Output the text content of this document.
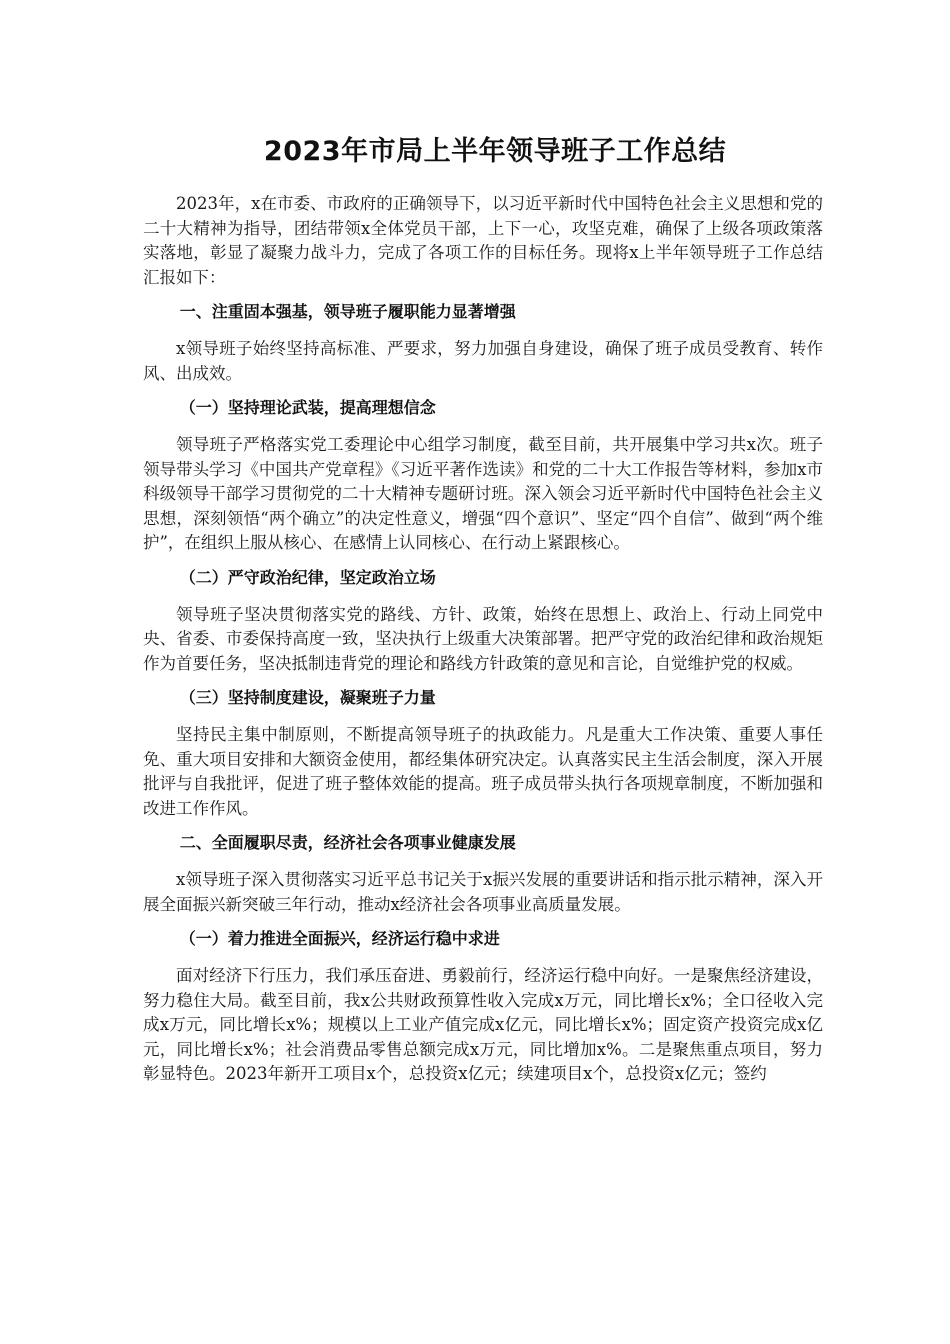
2023年市局上半年领导班子工作总结

2023年，x在市委、市政府的正确领导下，以习近平新时代中国特色社会主义思想和党的二十大精神为指导，团结带领x全体党员干部，上下一心，攻坚克难，确保了上级各项政策落实落地，彰显了凝聚力战斗力，完成了各项工作的目标任务。现将x上半年领导班子工作总结汇报如下：

一、注重固本强基，领导班子履职能力显著增强

x领导班子始终坚持高标准、严要求，努力加强自身建设，确保了班子成员受教育、转作风、出成效。

（一）坚持理论武装，提高理想信念

领导班子严格落实党工委理论中心组学习制度，截至目前，共开展集中学习共x次。班子领导带头学习《中国共产党章程》《习近平著作选读》和党的二十大工作报告等材料，参加x市科级领导干部学习贯彻党的二十大精神专题研讨班。深入领会习近平新时代中国特色社会主义思想，深刻领悟“两个确立”的决定性意义，增强“四个意识”、坚定“四个自信”、做到“两个维护”，在组织上服从核心、在感情上认同核心、在行动上紧跟核心。

（二）严守政治纪律，坚定政治立场

领导班子坚决贯彻落实党的路线、方针、政策，始终在思想上、政治上、行动上同党中央、省委、市委保持高度一致，坚决执行上级重大决策部署。把严守党的政治纪律和政治规矩作为首要任务，坚决抵制违背党的理论和路线方针政策的意见和言论，自觉维护党的权威。

（三）坚持制度建设，凝聚班子力量

坚持民主集中制原则，不断提高领导班子的执政能力。凡是重大工作决策、重要人事任免、重大项目安排和大额资金使用，都经集体研究决定。认真落实民主生活会制度，深入开展批评与自我批评，促进了班子整体效能的提高。班子成员带头执行各项规章制度，不断加强和改进工作作风。

二、全面履职尽责，经济社会各项事业健康发展

x领导班子深入贯彻落实习近平总书记关于x振兴发展的重要讲话和指示批示精神，深入开展全面振兴新突破三年行动，推动x经济社会各项事业高质量发展。

（一）着力推进全面振兴，经济运行稳中求进

面对经济下行压力，我们承压奋进、勇毅前行，经济运行稳中向好。一是聚焦经济建设，努力稳住大局。截至目前，我x公共财政预算性收入完成x万元，同比增长x%；全口径收入完成x万元，同比增长x%；规模以上工业产值完成x亿元，同比增长x%；固定资产投资完成x亿元，同比增长x%；社会消费品零售总额完成x万元，同比增加x%。二是聚焦重点项目，努力彰显特色。2023年新开工项目x个，总投资x亿元；续建项目x个，总投资x亿元；签约
